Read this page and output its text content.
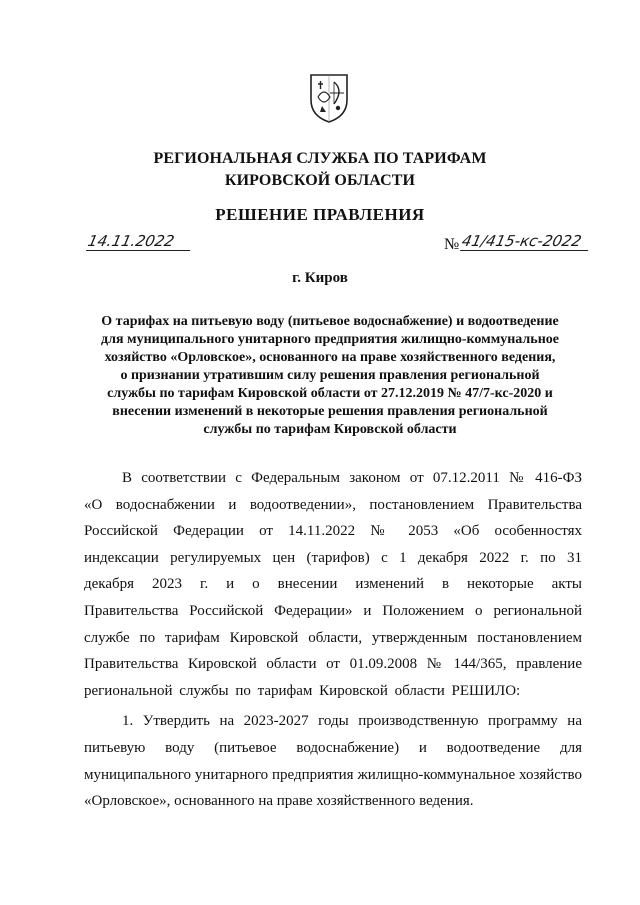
РЕГИОНАЛЬНАЯ СЛУЖБА ПО ТАРИФАМ
КИРОВСКОЙ ОБЛАСТИ
РЕШЕНИЕ ПРАВЛЕНИЯ
14.11.2022	№ 41/415-кс-2022
г. Киров
О тарифах на питьевую воду (питьевое водоснабжение) и водоотведение для муниципального унитарного предприятия жилищно-коммунальное хозяйство «Орловское», основанного на праве хозяйственного ведения, о признании утратившим силу решения правления региональной службы по тарифам Кировской области от 27.12.2019 № 47/7-кс-2020 и внесении изменений в некоторые решения правления региональной службы по тарифам Кировской области

В соответствии с Федеральным законом от 07.12.2011 № 416-ФЗ «О водоснабжении и водоотведении», постановлением Правительства Российской Федерации от 14.11.2022 № 2053 «Об особенностях индексации регулируемых цен (тарифов) с 1 декабря 2022 г. по 31 декабря 2023 г. и о внесении изменений в некоторые акты Правительства Российской Федерации» и Положением о региональной службе по тарифам Кировской области, утвержденным постановлением Правительства Кировской области от 01.09.2008 № 144/365, правление региональной службы по тарифам Кировской области РЕШИЛО:

1. Утвердить на 2023-2027 годы производственную программу на питьевую воду (питьевое водоснабжение) и водоотведение для муниципального унитарного предприятия жилищно-коммунальное хозяйство «Орловское», основанного на праве хозяйственного ведения.
